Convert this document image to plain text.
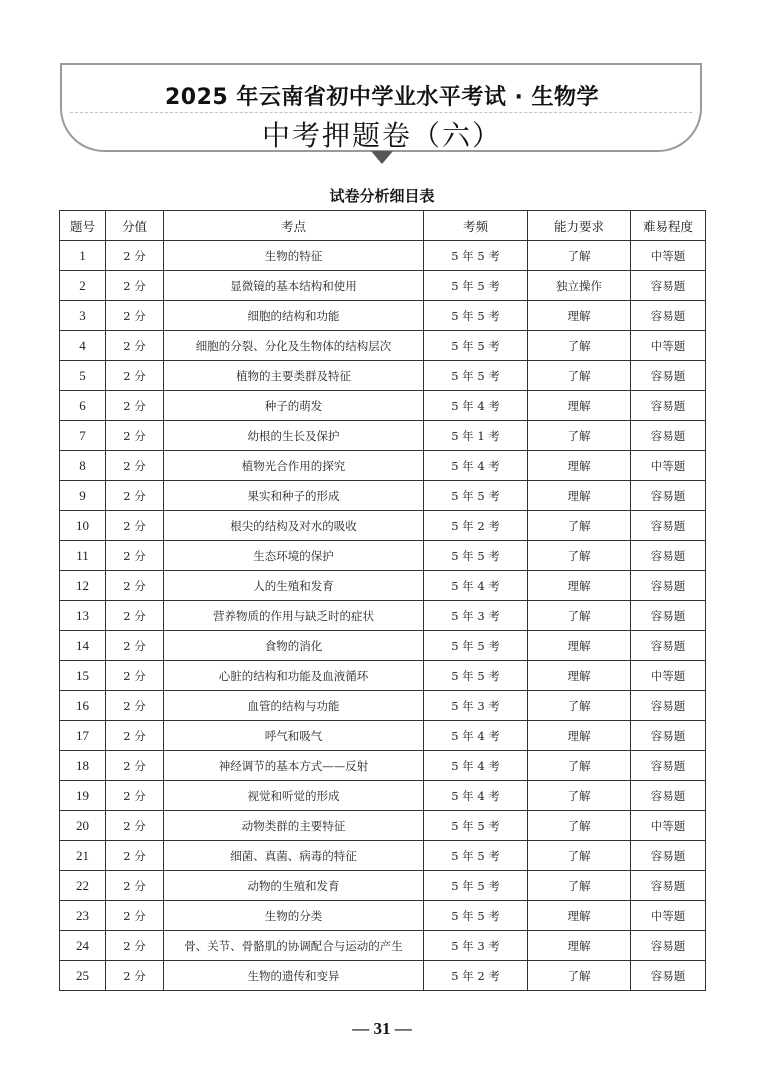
2025 年云南省初中学业水平考试 · 生物学
中考押题卷（六）
试卷分析细目表
题号	分值	考点	考频	能力要求	难易程度
1	2 分	生物的特征	5 年 5 考	了解	中等题
2	2 分	显微镜的基本结构和使用	5 年 5 考	独立操作	容易题
3	2 分	细胞的结构和功能	5 年 5 考	理解	容易题
4	2 分	细胞的分裂、分化及生物体的结构层次	5 年 5 考	了解	中等题
5	2 分	植物的主要类群及特征	5 年 5 考	了解	容易题
6	2 分	种子的萌发	5 年 4 考	理解	容易题
7	2 分	幼根的生长及保护	5 年 1 考	了解	容易题
8	2 分	植物光合作用的探究	5 年 4 考	理解	中等题
9	2 分	果实和种子的形成	5 年 5 考	理解	容易题
10	2 分	根尖的结构及对水的吸收	5 年 2 考	了解	容易题
11	2 分	生态环境的保护	5 年 5 考	了解	容易题
12	2 分	人的生殖和发育	5 年 4 考	理解	容易题
13	2 分	营养物质的作用与缺乏时的症状	5 年 3 考	了解	容易题
14	2 分	食物的消化	5 年 5 考	理解	容易题
15	2 分	心脏的结构和功能及血液循环	5 年 5 考	理解	中等题
16	2 分	血管的结构与功能	5 年 3 考	了解	容易题
17	2 分	呼气和吸气	5 年 4 考	理解	容易题
18	2 分	神经调节的基本方式——反射	5 年 4 考	了解	容易题
19	2 分	视觉和听觉的形成	5 年 4 考	了解	容易题
20	2 分	动物类群的主要特征	5 年 5 考	了解	中等题
21	2 分	细菌、真菌、病毒的特征	5 年 5 考	了解	容易题
22	2 分	动物的生殖和发育	5 年 5 考	了解	容易题
23	2 分	生物的分类	5 年 5 考	理解	中等题
24	2 分	骨、关节、骨骼肌的协调配合与运动的产生	5 年 3 考	理解	容易题
25	2 分	生物的遗传和变异	5 年 2 考	了解	容易题
— 31 —
